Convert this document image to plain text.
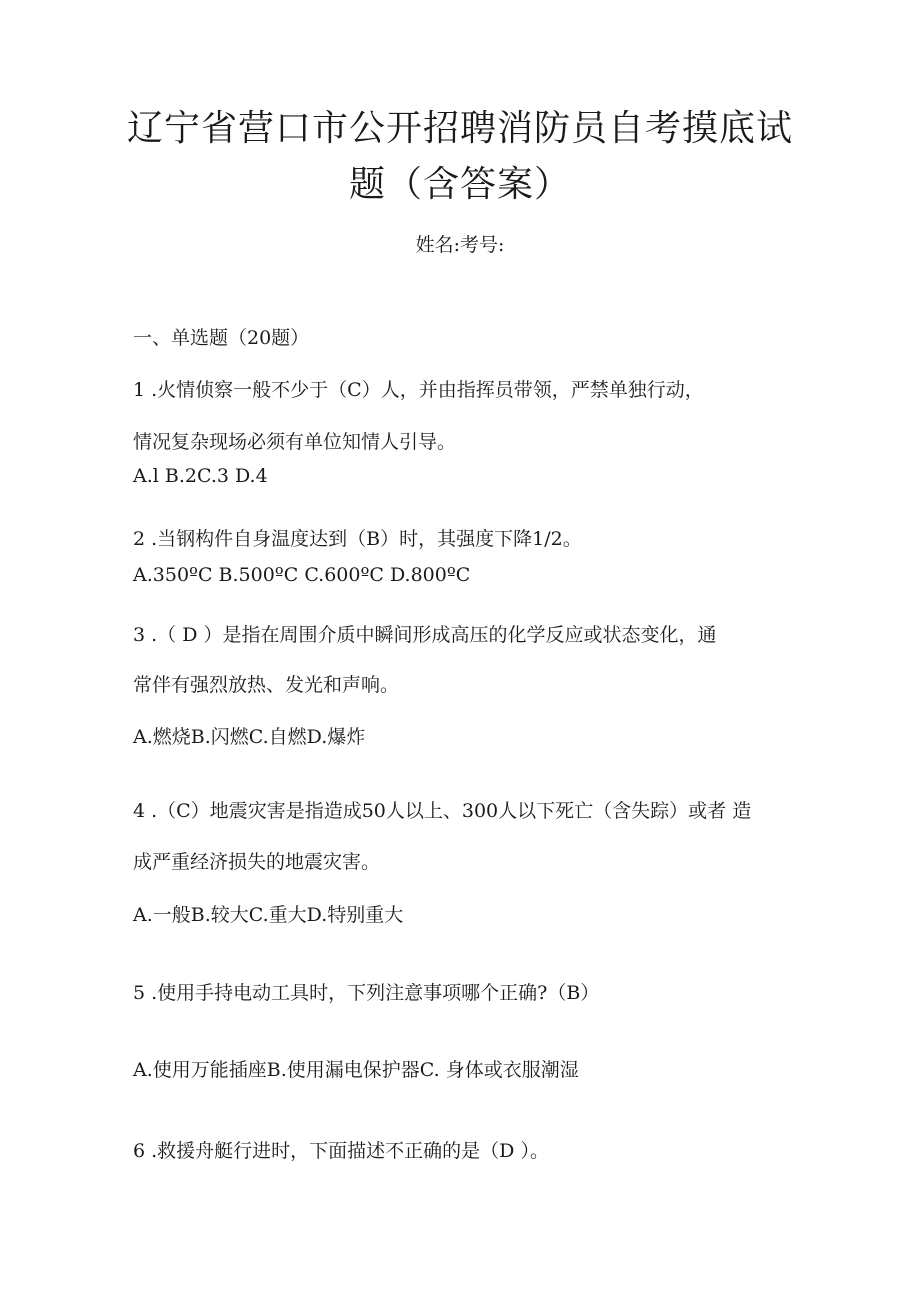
辽宁省营口市公开招聘消防员自考摸底试
题（含答案）
姓名:考号:
一、单选题（20题）
1 .火情侦察一般不少于（C）人，并由指挥员带领，严禁单独行动，
情况复杂现场必须有单位知情人引导。
A.l B.2C.3 D.4
2 .当钢构件自身温度达到（B）时，其强度下降1/2。
A.350ºC B.500ºC C.600ºC D.800ºC
3 .（ D ）是指在周围介质中瞬间形成高压的化学反应或状态变化，通
常伴有强烈放热、发光和声响。
A.燃烧B.闪燃C.自燃D.爆炸
4 .（C）地震灾害是指造成50人以上、300人以下死亡（含失踪）或者 造
成严重经济损失的地震灾害。
A.一般B.较大C.重大D.特别重大
5 .使用手持电动工具时，下列注意事项哪个正确?（B）
A.使用万能插座B.使用漏电保护器C. 身体或衣服潮湿
6 .救援舟艇行进时，下面描述不正确的是（D ）。
